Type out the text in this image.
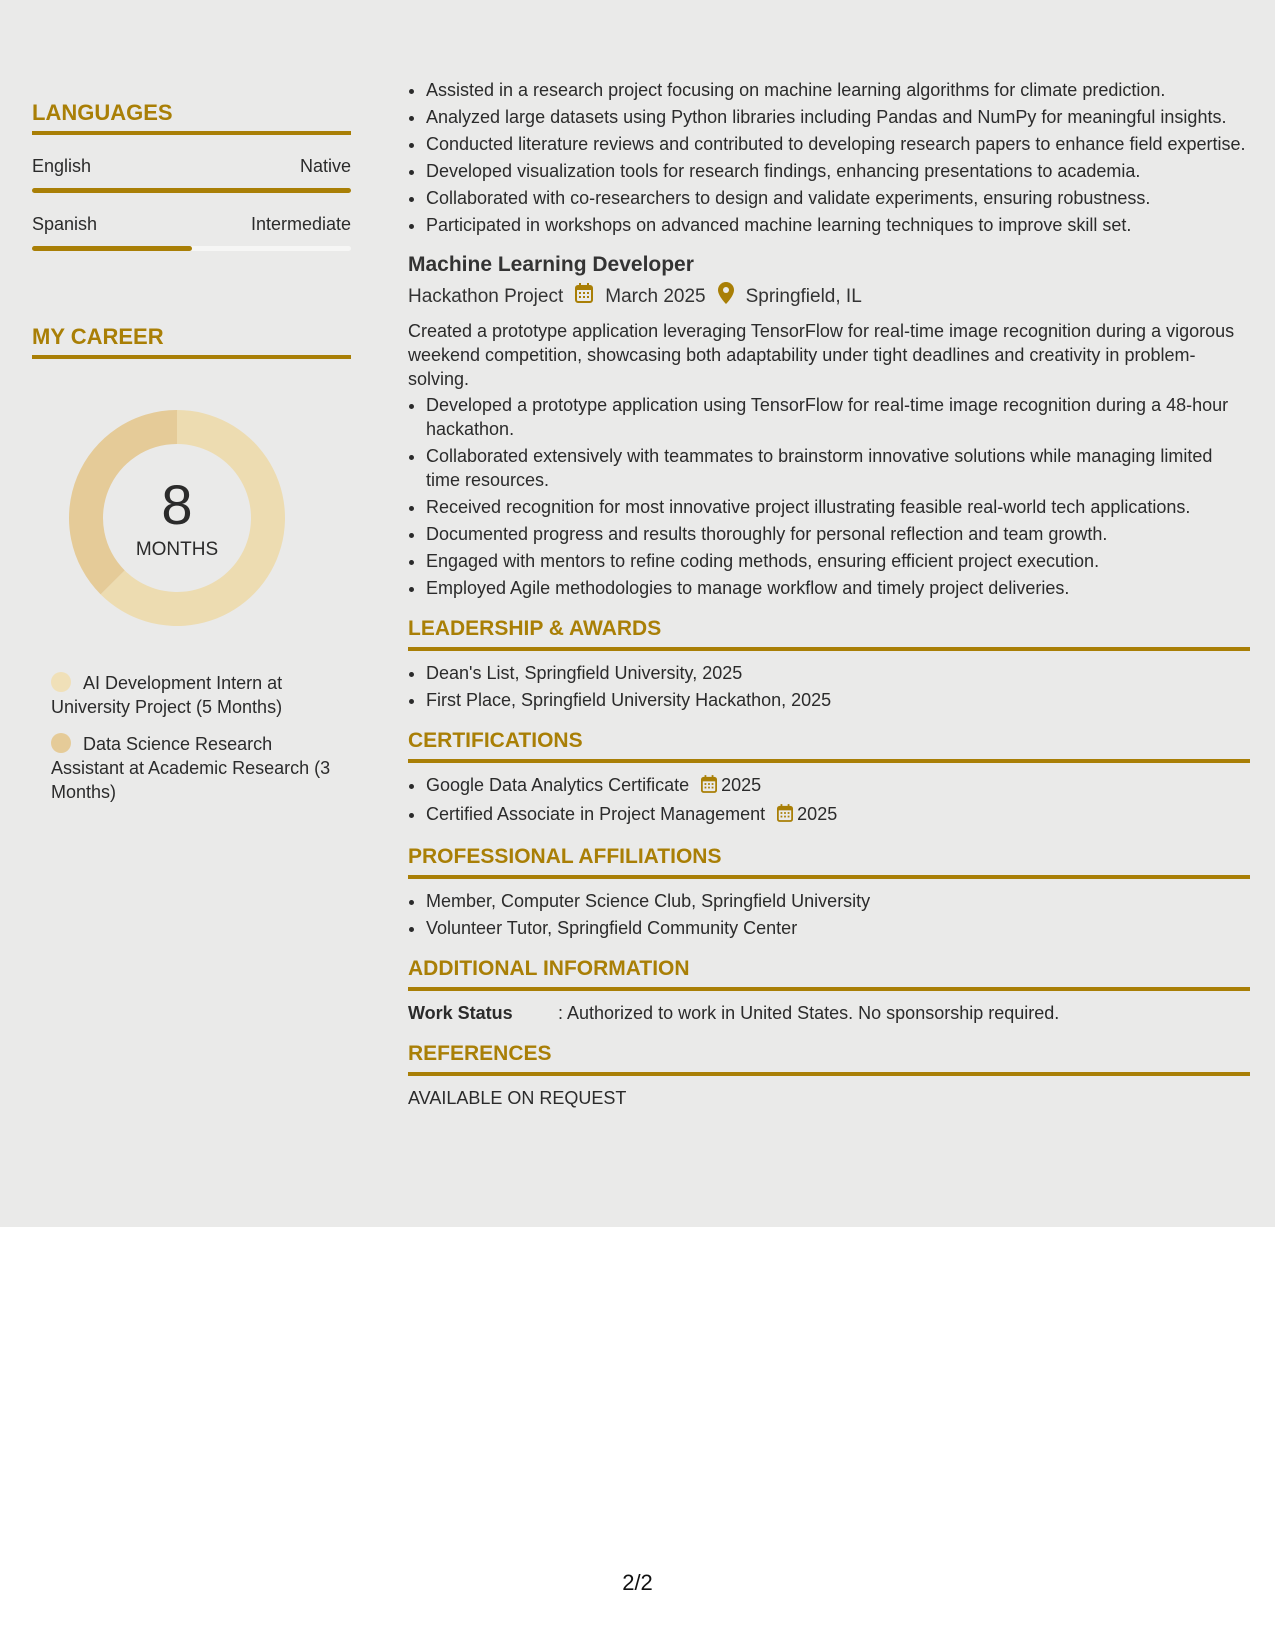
LANGUAGES
English	Native
Spanish	Intermediate
MY CAREER
8
MONTHS
AI Development Intern at University Project (5 Months)
Data Science Research Assistant at Academic Research (3 Months)
• Assisted in a research project focusing on machine learning algorithms for climate prediction.
• Analyzed large datasets using Python libraries including Pandas and NumPy for meaningful insights.
• Conducted literature reviews and contributed to developing research papers to enhance field expertise.
• Developed visualization tools for research findings, enhancing presentations to academia.
• Collaborated with co-researchers to design and validate experiments, ensuring robustness.
• Participated in workshops on advanced machine learning techniques to improve skill set.
Machine Learning Developer
Hackathon Project March 2025 Springfield, IL
Created a prototype application leveraging TensorFlow for real-time image recognition during a vigorous weekend competition, showcasing both adaptability under tight deadlines and creativity in problem-solving.
• Developed a prototype application using TensorFlow for real-time image recognition during a 48-hour hackathon.
• Collaborated extensively with teammates to brainstorm innovative solutions while managing limited time resources.
• Received recognition for most innovative project illustrating feasible real-world tech applications.
• Documented progress and results thoroughly for personal reflection and team growth.
• Engaged with mentors to refine coding methods, ensuring efficient project execution.
• Employed Agile methodologies to manage workflow and timely project deliveries.
LEADERSHIP & AWARDS
• Dean's List, Springfield University, 2025
• First Place, Springfield University Hackathon, 2025
CERTIFICATIONS
• Google Data Analytics Certificate 2025
• Certified Associate in Project Management 2025
PROFESSIONAL AFFILIATIONS
• Member, Computer Science Club, Springfield University
• Volunteer Tutor, Springfield Community Center
ADDITIONAL INFORMATION
Work Status	: Authorized to work in United States. No sponsorship required.
REFERENCES
AVAILABLE ON REQUEST
2/2
